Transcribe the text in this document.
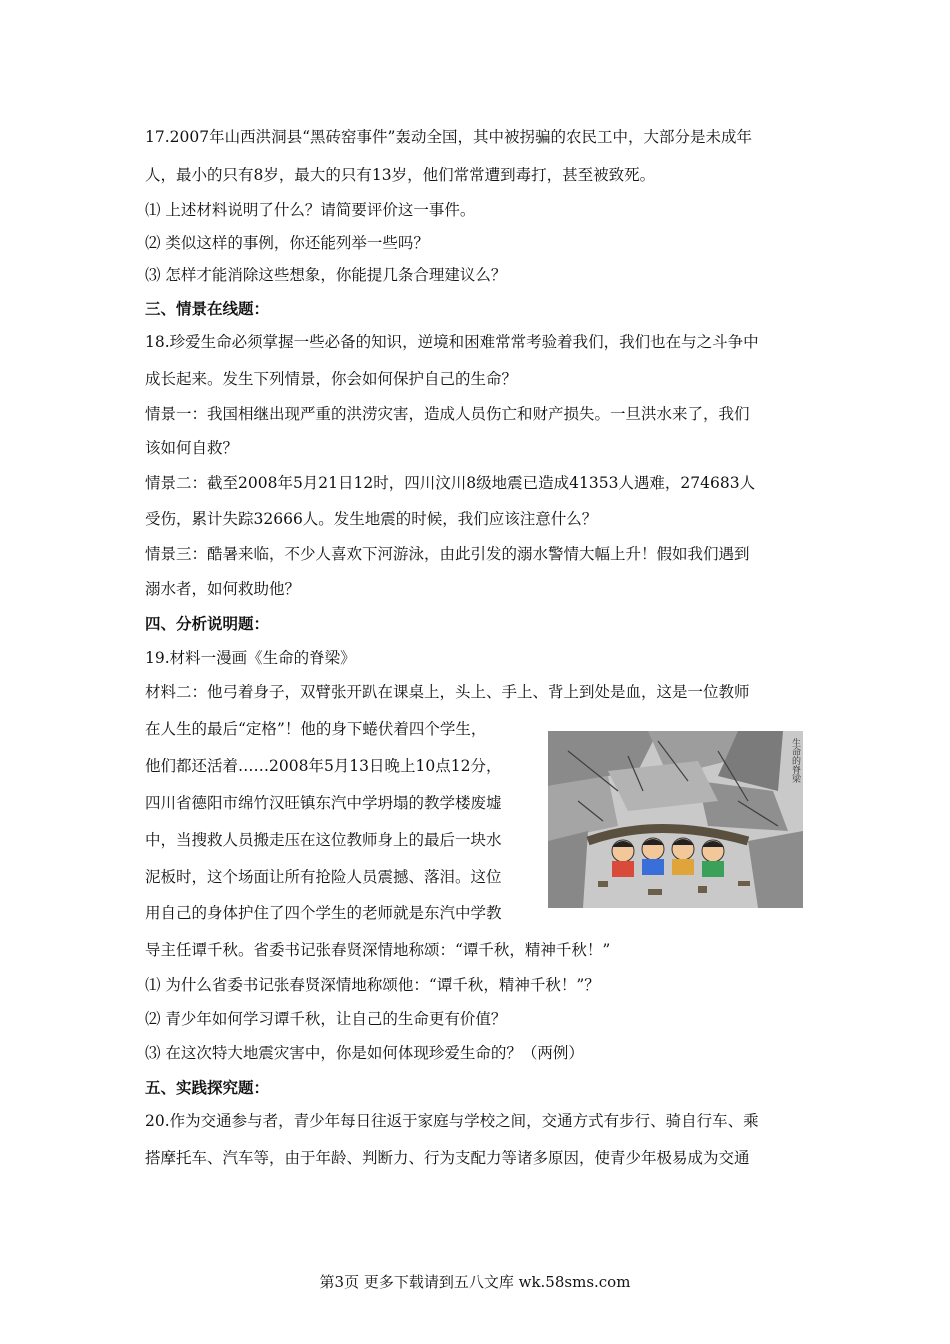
17.2007年山西洪洞县“黑砖窑事件”轰动全国，其中被拐骗的农民工中，大部分是未成年
人，最小的只有8岁，最大的只有13岁，他们常常遭到毒打，甚至被致死。
⑴ 上述材料说明了什么？请简要评价这一事件。
⑵ 类似这样的事例，你还能列举一些吗？
⑶ 怎样才能消除这些想象，你能提几条合理建议么？
三、情景在线题：
18.珍爱生命必须掌握一些必备的知识，逆境和困难常常考验着我们，我们也在与之斗争中
成长起来。发生下列情景，你会如何保护自己的生命？
情景一：我国相继出现严重的洪涝灾害，造成人员伤亡和财产损失。一旦洪水来了，我们
该如何自救？
情景二：截至2008年5月21日12时，四川汶川8级地震已造成41353人遇难，274683人
受伤，累计失踪32666人。发生地震的时候，我们应该注意什么？
情景三：酷暑来临，不少人喜欢下河游泳，由此引发的溺水警情大幅上升！假如我们遇到
溺水者，如何救助他？
四、分析说明题：
19.材料一漫画《生命的脊梁》
材料二：他弓着身子，双臂张开趴在课桌上，头上、手上、背上到处是血，这是一位教师
在人生的最后“定格”！他的身下蜷伏着四个学生，
他们都还活着……2008年5月13日晚上10点12分，
四川省德阳市绵竹汉旺镇东汽中学坍塌的教学楼废墟
中，当搜救人员搬走压在这位教师身上的最后一块水
泥板时，这个场面让所有抢险人员震撼、落泪。这位
用自己的身体护住了四个学生的老师就是东汽中学教
导主任谭千秋。省委书记张春贤深情地称颂：“谭千秋，精神千秋！”
⑴ 为什么省委书记张春贤深情地称颂他：“谭千秋，精神千秋！”？
⑵ 青少年如何学习谭千秋，让自己的生命更有价值？
⑶ 在这次特大地震灾害中，你是如何体现珍爱生命的？（两例）
生命的脊梁
五、实践探究题：
20.作为交通参与者，青少年每日往返于家庭与学校之间，交通方式有步行、骑自行车、乘
搭摩托车、汽车等，由于年龄、判断力、行为支配力等诸多原因，使青少年极易成为交通
第3页 更多下载请到五八文库 wk.58sms.com
